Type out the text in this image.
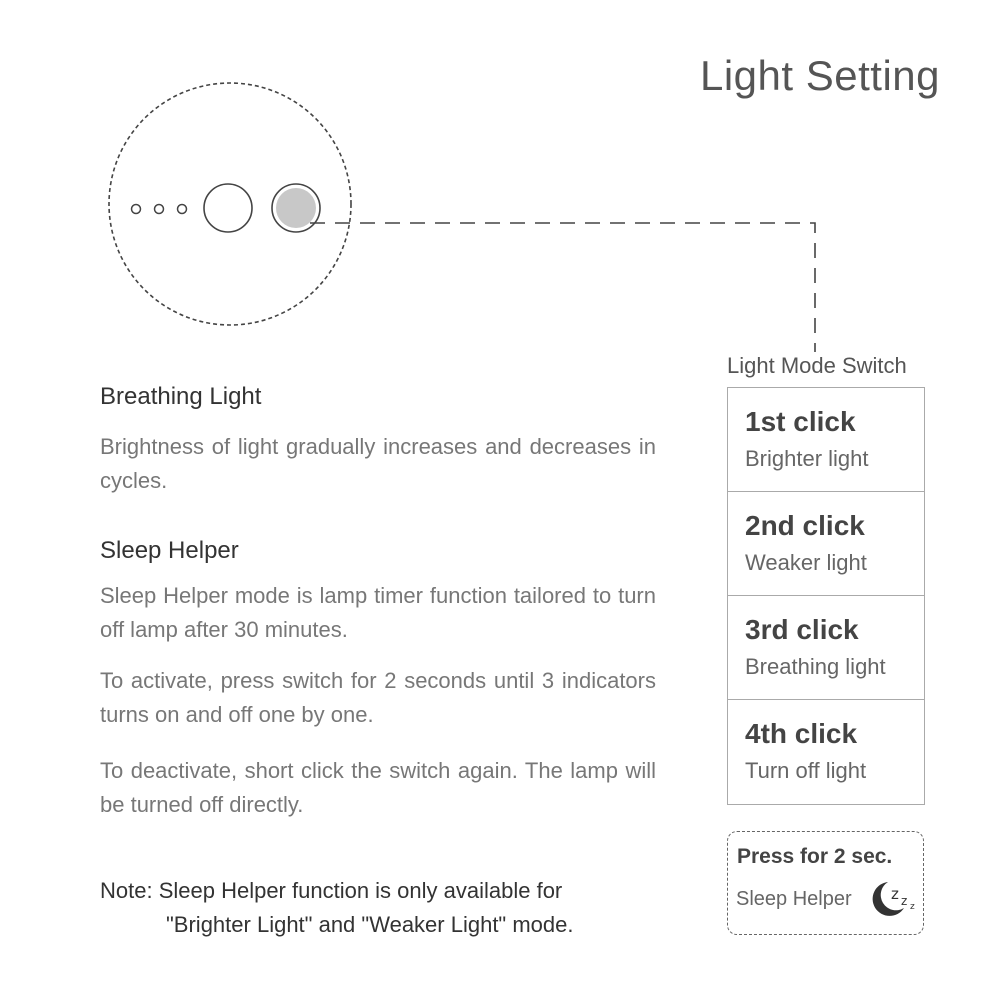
Light Setting
Light Mode Switch
1st click
Brighter light
2nd click
Weaker light
3rd click
Breathing light
4th click
Turn off light
Press for 2 sec.
Sleep Helper	z z z
Breathing Light
Brightness of light gradually increases and decreases in cycles.
Sleep Helper
Sleep Helper mode is lamp timer function tailored to turn off lamp after 30 minutes.
To activate, press switch for 2 seconds until 3 indicators turns on and off one by one.
To deactivate, short click the switch again. The lamp will be turned off directly.
Note: Sleep Helper function is only available for
"Brighter Light" and "Weaker Light" mode.
